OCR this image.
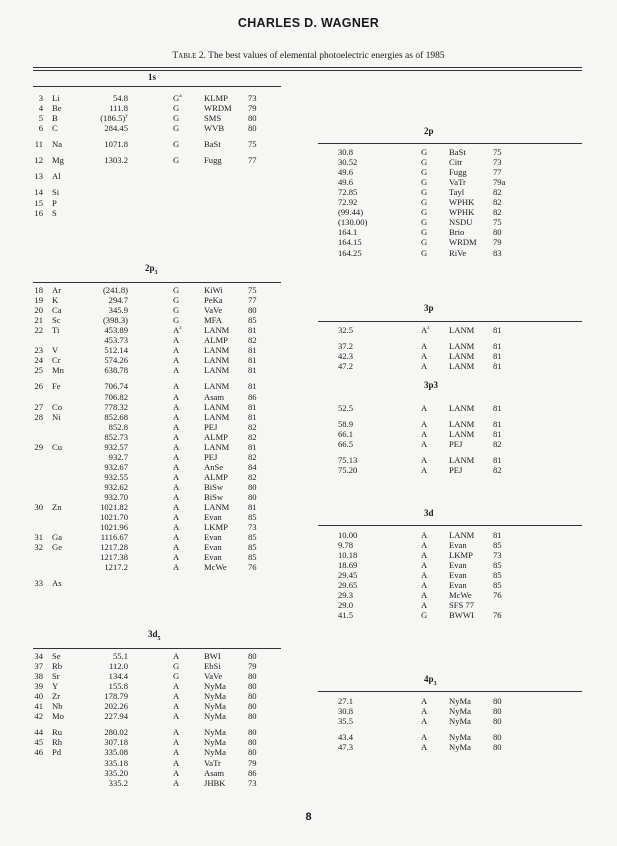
CHARLES D. WAGNER
Table 2. The best values of elemental photoelectric energies as of 1985
1s
3 Li	54.8	$G^a$	KLMP 73
4 Be	111.8	G	WRDM 79
5 B	$(186.5)^y$	G	SMS	80
6 C	284.45	G	WVB	80
11 Na	1071.8	G	BaSt	75
12 Mg	1303.2	G	Fugg	77
13 Al
14 Si
15 P
16 S
$2p_3$
18 Ar	(241.8)	G	KiWi	75
19 K	294.7	G	PeKa	77
20 Ca	345.9	G	VaVe	80
21 Sc	(398.3)	G	MFA	85
22 Ti	453.89	$A^z$	LANM 81
453.73	A	ALMP 82
23 V	512.14	A	LANM 81
24 Cr	574.26	A	LANM 81
25 Mn	638.78	A	LANM 81
26 Fe	706.74	A	LANM 81
706.82	A	Asam	86
27 Co	778.32	A	LANM 81
28 Ni	852.68	A	LANM 81
852.8	A	PEJ	82
852.73	A	ALMP 82
29 Cu	932.57	A	LANM 81
932.7	A	PEJ	82
932.67	A	AnSe	84
932.55	A	ALMP 82
932.62	A	BiSw	80
932.70	A	BiSw	80
30 Zn	1021.82	A	LANM 81
1021.70	A	Evan	85
1021.96	A	LKMP 73
31 Ga	1116.67	A	Evan	85
32 Ge	1217.28	A	Evan	85
1217.38	A	Evan	85
1217.2	A	McWe 76
33 As
$3d_5$
34 Se	55.1	A	BWI	80
37 Rb	112.0	G	EbSi	79
38 Sr	134.4	G	VaVe	80
39 Y	155.8	A	NyMa	80
40 Zr	178.79	A	NyMa	80
41 Nb	202.26	A	NyMa	80
42 Mo	227.94	A	NyMa	80
44 Ru	280.02	A	NyMa	80
45 Rh	307.18	A	NyMa	80
46 Pd	335.08	A	NyMa	80
335.18	A	VaTr	79
335.20	A	Asam	86
335.2	A	JHBK	73
2p
30.8	G	BaSt	75
30.52	G	Citr	73
49.6	G	Fugg	77
49.6	G	VaTr	79a
72.85	G	Tayl	82
72.92	G	WPHK 82
(99.44)	G	WPHK 82
(130.00)	G	NSDU 75
164.1	G	Brio	80
164.15	G	WRDM 79
164.25	G	RiVe	83
3p
32.5	$A^z$ LANM 81
37.2	A	LANM 81
42.3	A	LANM 81
47.2	A	LANM 81
3p3
52.5	A	LANM 81
58.9	A	LANM 81
66.1	A	LANM 81
66.5	A	PEJ	82
75.13	A	LANM 81
75.20	A	PEJ	82
3d
10.00	A	LANM 81
9.78	A	Evan	85
10.18	A	LKMP 73
18.69	A	Evan	85
29.45	A	Evan	85
29.65	A	Evan	85
29.3	A	McWe 76
29.0	A	SFS 77
41.5	G	BWWI 76
$4p_3$
27.1	A	NyMa	80
30.8	A	NyMa	80
35.5	A	NyMa	80
43.4	A	NyMa	80
47.3	A	NyMa	80
8
